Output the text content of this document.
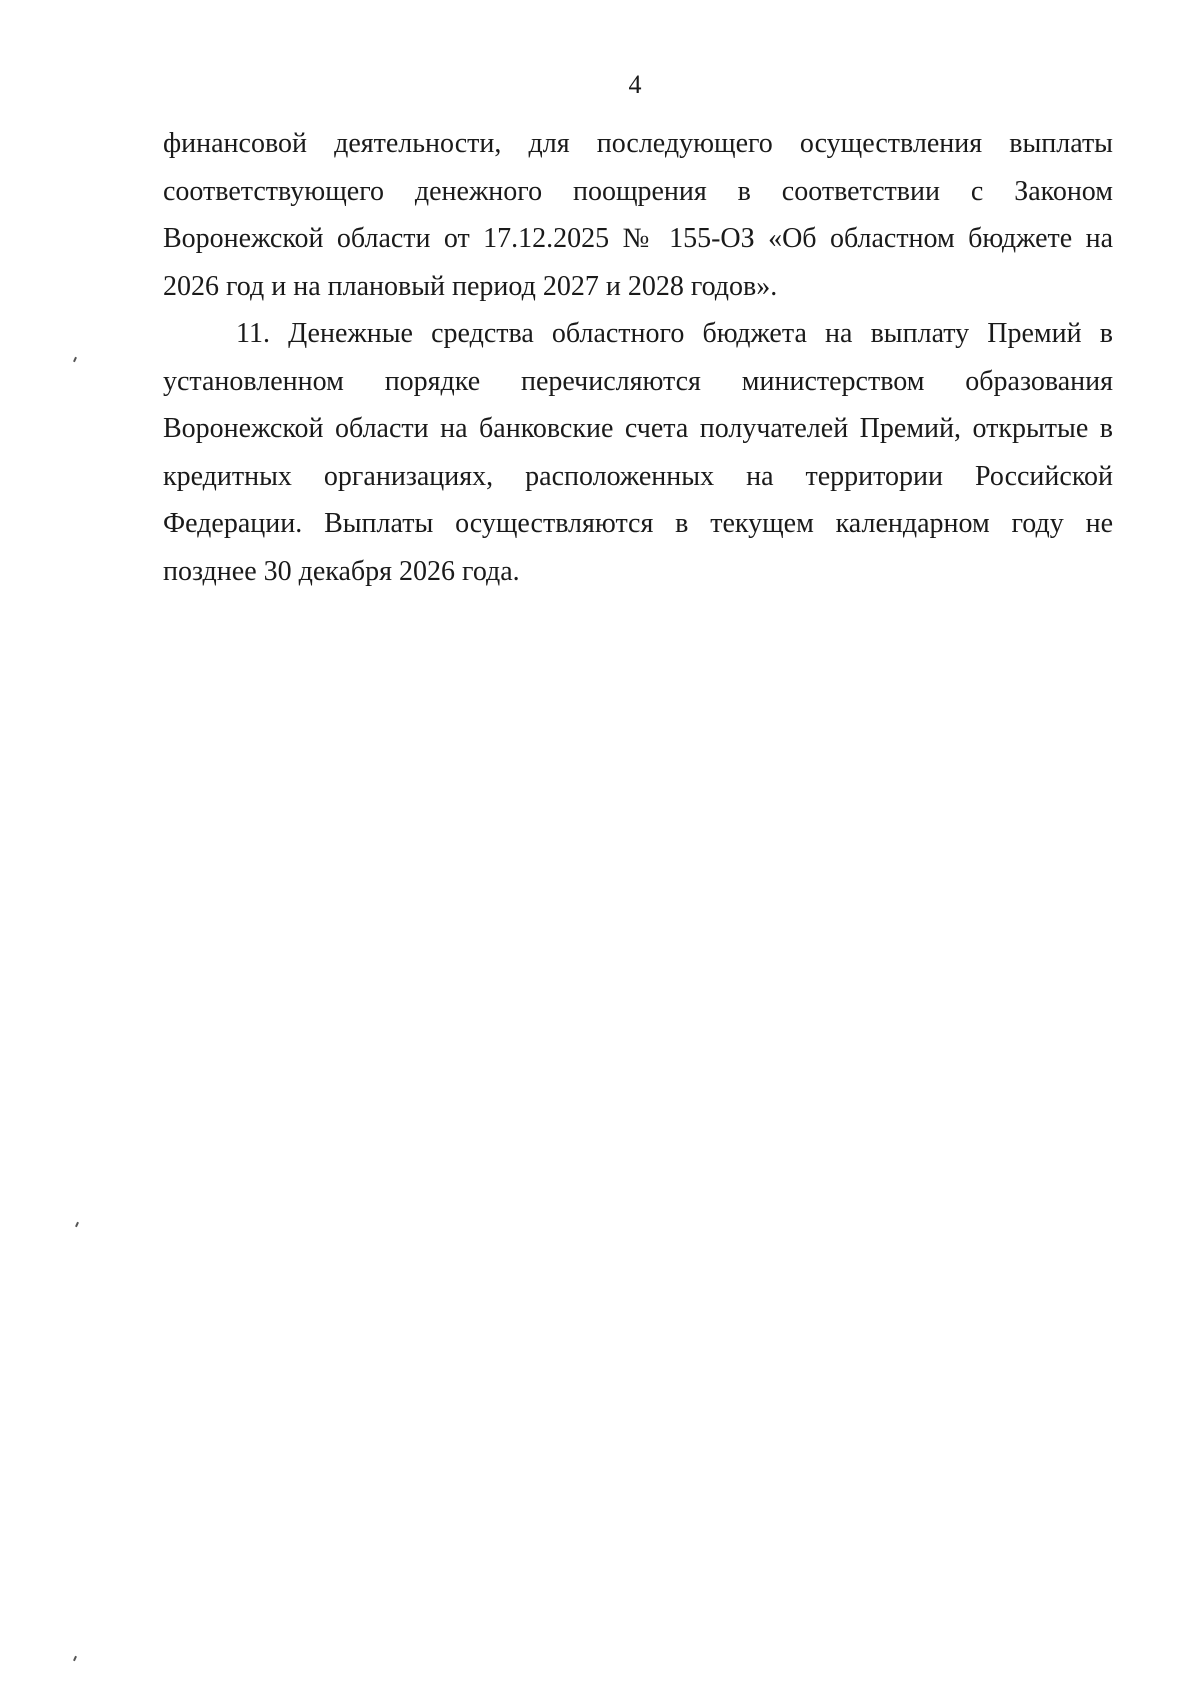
4
финансовой деятельности, для последующего осуществления выплаты
соответствующего денежного поощрения в соответствии с Законом
Воронежской области от 17.12.2025 № 155-ОЗ «Об областном бюджете на
2026 год и на плановый период 2027 и 2028 годов».
11. Денежные средства областного бюджета на выплату Премий в
установленном порядке перечисляются министерством образования
Воронежской области на банковские счета получателей Премий, открытые в
кредитных организациях, расположенных на территории Российской
Федерации. Выплаты осуществляются в текущем календарном году не
позднее 30 декабря 2026 года.
